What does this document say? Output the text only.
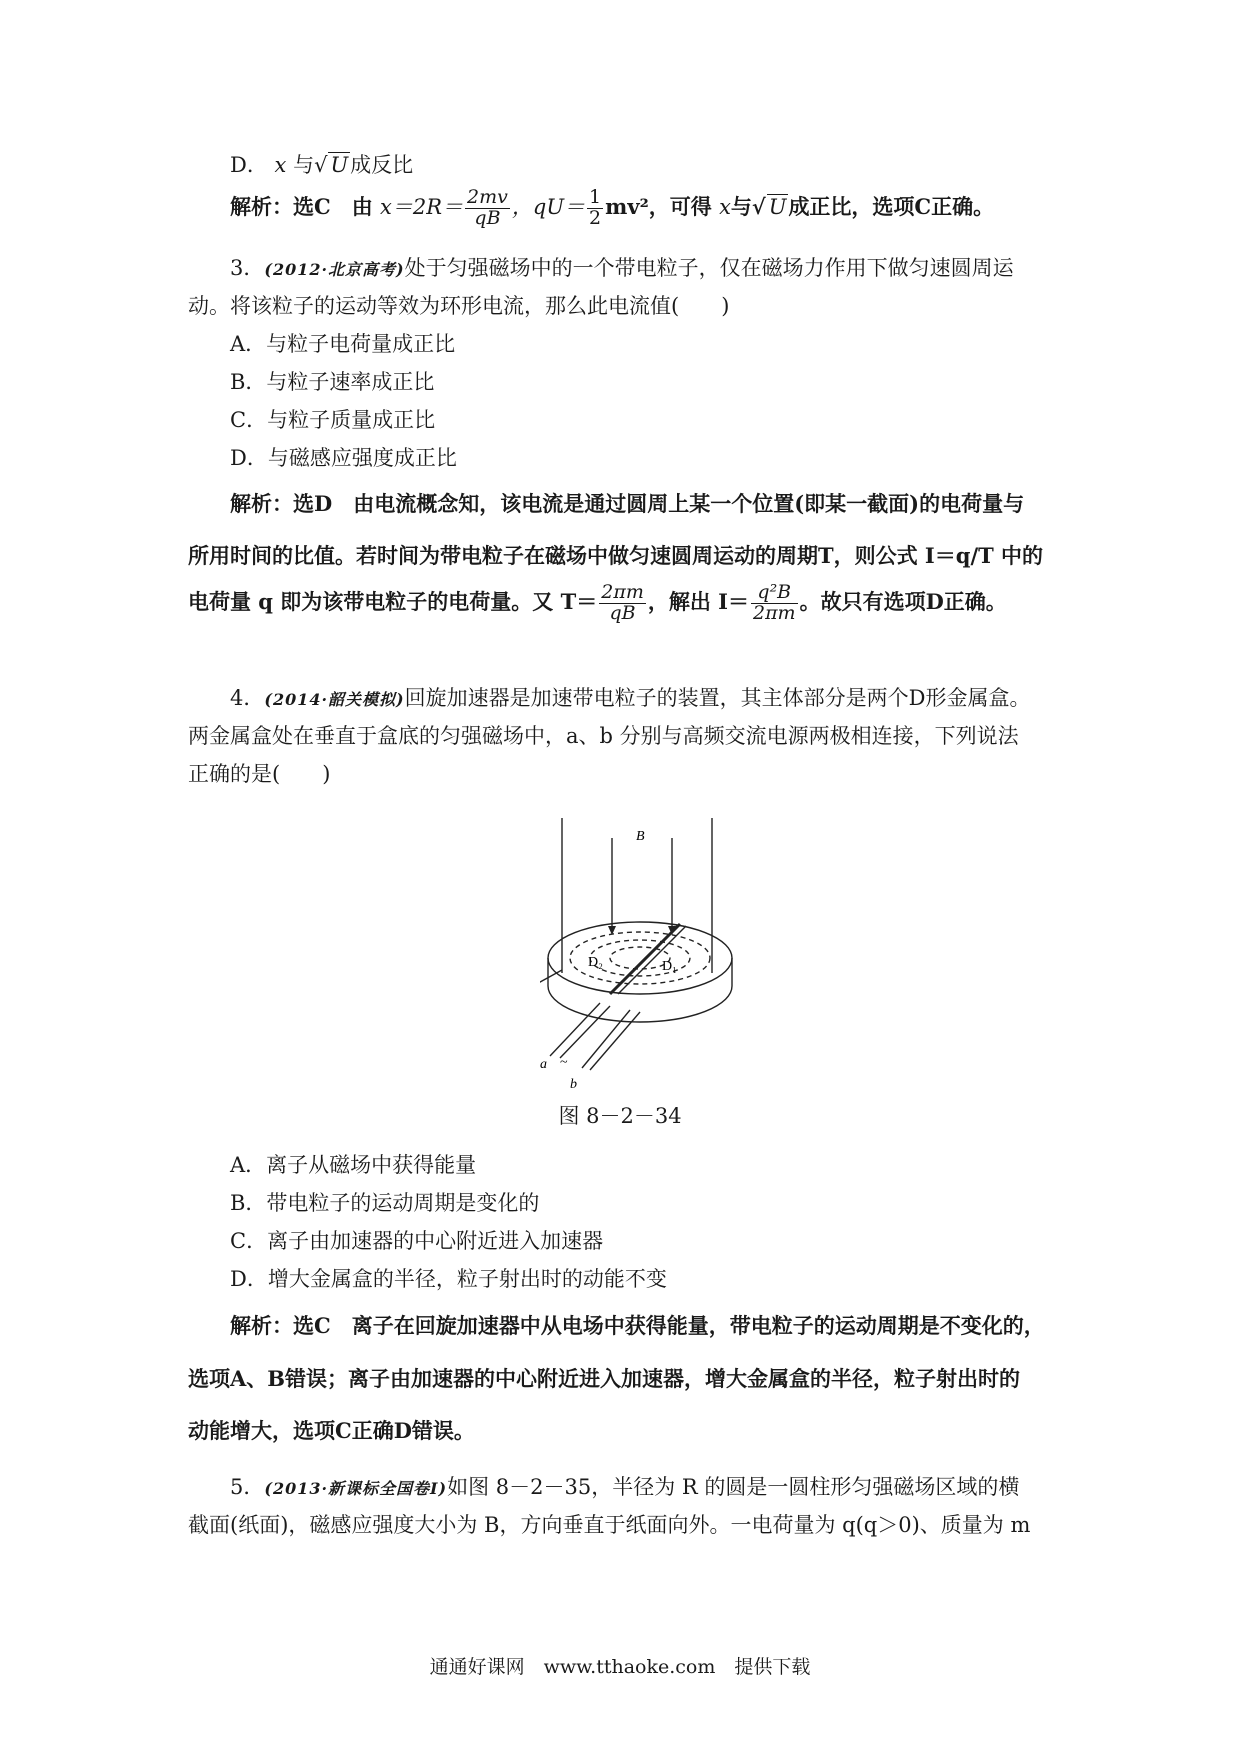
D． x 与√ U成反比
解析：选C　由 $x=2R= \frac{2mv}{qB}$ ，$qU= \frac{1}{2} mv^2$，可得 x与√ U成正比，选项C正确。
3．(2012·北京高考)处于匀强磁场中的一个带电粒子，仅在磁场力作用下做匀速圆周运
动。将该粒子的运动等效为环形电流，那么此电流值(　　)
A．与粒子电荷量成正比
B．与粒子速率成正比
C．与粒子质量成正比
D．与磁感应强度成正比
解析：选D　由电流概念知，该电流是通过圆周上某一个位置(即某一截面)的电荷量与
所用时间的比值。若时间为带电粒子在磁场中做匀速圆周运动的周期T，则公式 I＝q/T 中的
电荷量 q 即为该带电粒子的电荷量。又 $T= \frac{2\pi m}{qB}$ ，解出 $I= \frac{\text{q²B}}{2\pi m}$ 。故只有选项D正确。
4．(2014·韶关模拟)回旋加速器是加速带电粒子的装置，其主体部分是两个D形金属盒。
两金属盒处在垂直于盒底的匀强磁场中，a、b 分别与高频交流电源两极相连接，下列说法
正确的是(　　)
B
D₂	D₁
a
b
~
图 8－2－34
A．离子从磁场中获得能量
B．带电粒子的运动周期是变化的
C．离子由加速器的中心附近进入加速器
D．增大金属盒的半径，粒子射出时的动能不变
解析：选C　离子在回旋加速器中从电场中获得能量，带电粒子的运动周期是不变化的，
选项A、B错误；离子由加速器的中心附近进入加速器，增大金属盒的半径，粒子射出时的
动能增大，选项C正确D错误。
5．(2013·新课标全国卷Ⅰ)如图 8－2－35，半径为 R 的圆是一圆柱形匀强磁场区域的横
截面(纸面)，磁感应强度大小为 B，方向垂直于纸面向外。一电荷量为 q(q＞0)、质量为 m
通通好课网　www.tthaoke.com　提供下载
